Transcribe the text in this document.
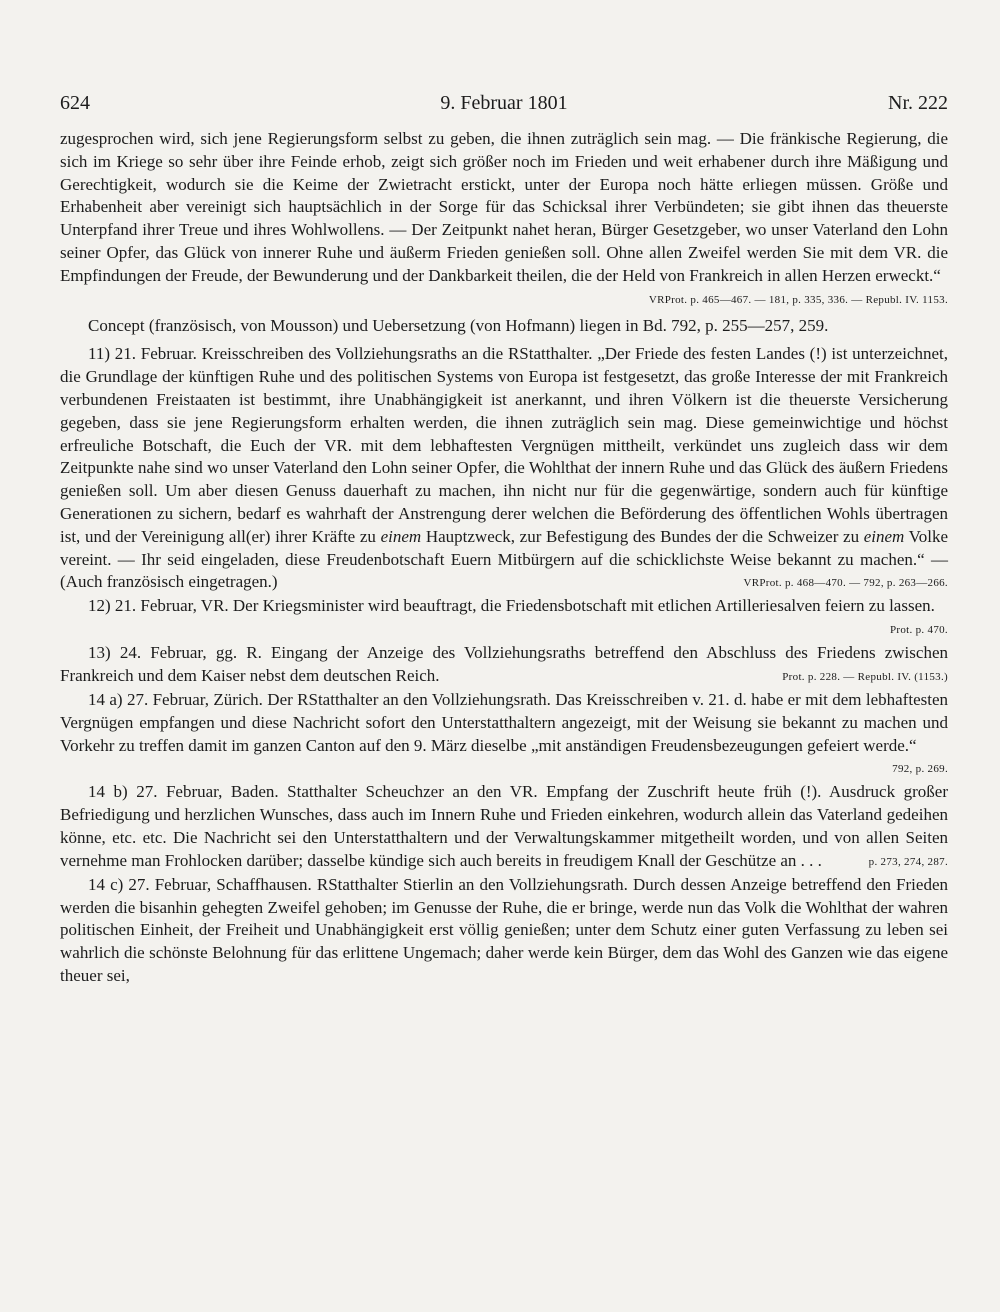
624	9. Februar 1801	Nr. 222

zugesprochen wird, sich jene Regierungsform selbst zu geben, die ihnen zuträglich sein mag. — Die fränkische Regierung, die sich im Kriege so sehr über ihre Feinde erhob, zeigt sich größer noch im Frieden und weit erhabener durch ihre Mäßigung und Gerechtigkeit, wodurch sie die Keime der Zwietracht erstickt, unter der Europa noch hätte erliegen müssen. Größe und Erhabenheit aber vereinigt sich hauptsächlich in der Sorge für das Schicksal ihrer Verbündeten; sie gibt ihnen das theuerste Unterpfand ihrer Treue und ihres Wohlwollens. — Der Zeitpunkt nahet heran, Bürger Gesetzgeber, wo unser Vaterland den Lohn seiner Opfer, das Glück von innerer Ruhe und äußerm Frieden genießen soll. Ohne allen Zweifel werden Sie mit dem VR. die Empfindungen der Freude, der Bewunderung und der Dankbarkeit theilen, die der Held von Frankreich in allen Herzen erweckt.“
VRProt. p. 465—467. — 181, p. 335, 336. — Republ. IV. 1153.

Concept (französisch, von Mousson) und Uebersetzung (von Hofmann) liegen in Bd. 792, p. 255—257, 259.

11) 21. Februar. Kreisschreiben des Vollziehungsraths an die RStatthalter. „Der Friede des festen Landes (!) ist unterzeichnet, die Grundlage der künftigen Ruhe und des politischen Systems von Europa ist festgesetzt, das große Interesse der mit Frankreich verbundenen Freistaaten ist bestimmt, ihre Unabhängigkeit ist anerkannt, und ihren Völkern ist die theuerste Versicherung gegeben, dass sie jene Regierungsform erhalten werden, die ihnen zuträglich sein mag. Diese gemeinwichtige und höchst erfreuliche Botschaft, die Euch der VR. mit dem lebhaftesten Vergnügen mittheilt, verkündet uns zugleich dass wir dem Zeitpunkte nahe sind wo unser Vaterland den Lohn seiner Opfer, die Wohlthat der innern Ruhe und das Glück des äußern Friedens genießen soll. Um aber diesen Genuss dauerhaft zu machen, ihn nicht nur für die gegenwärtige, sondern auch für künftige Generationen zu sichern, bedarf es wahrhaft der Anstrengung derer welchen die Beförderung des öffentlichen Wohls übertragen ist, und der Vereinigung all(er) ihrer Kräfte zu einem Hauptzweck, zur Befestigung des Bundes der die Schweizer zu einem Volke vereint. — Ihr seid eingeladen, diese Freudenbotschaft Euern Mitbürgern auf die schicklichste Weise bekannt zu machen.“ — (Auch französisch eingetragen.)	VRProt. p. 468—470. — 792, p. 263—266.

12) 21. Februar, VR. Der Kriegsminister wird beauftragt, die Friedensbotschaft mit etlichen Artilleriesalven feiern zu lassen.
Prot. p. 470.

13) 24. Februar, gg. R. Eingang der Anzeige des Vollziehungsraths betreffend den Abschluss des Friedens zwischen Frankreich und dem Kaiser nebst dem deutschen Reich.	Prot. p. 228. — Republ. IV. (1153.)

14 a) 27. Februar, Zürich. Der RStatthalter an den Vollziehungsrath. Das Kreisschreiben v. 21. d. habe er mit dem lebhaftesten Vergnügen empfangen und diese Nachricht sofort den Unterstatthaltern angezeigt, mit der Weisung sie bekannt zu machen und Vorkehr zu treffen damit im ganzen Canton auf den 9. März dieselbe „mit anständigen Freudensbezeugungen gefeiert werde.“
792, p. 269.

14 b) 27. Februar, Baden. Statthalter Scheuchzer an den VR. Empfang der Zuschrift heute früh (!). Ausdruck großer Befriedigung und herzlichen Wunsches, dass auch im Innern Ruhe und Frieden einkehren, wodurch allein das Vaterland gedeihen könne, etc. etc. Die Nachricht sei den Unterstatthaltern und der Verwaltungskammer mitgetheilt worden, und von allen Seiten vernehme man Frohlocken darüber; dasselbe kündige sich auch bereits in freudigem Knall der Geschütze an . . .	p. 273, 274, 287.

14 c) 27. Februar, Schaffhausen. RStatthalter Stierlin an den Vollziehungsrath. Durch dessen Anzeige betreffend den Frieden werden die bisanhin gehegten Zweifel gehoben; im Genusse der Ruhe, die er bringe, werde nun das Volk die Wohlthat der wahren politischen Einheit, der Freiheit und Unabhängigkeit erst völlig genießen; unter dem Schutz einer guten Verfassung zu leben sei wahrlich die schönste Belohnung für das erlittene Ungemach; daher werde kein Bürger, dem das Wohl des Ganzen wie das eigene theuer sei,
